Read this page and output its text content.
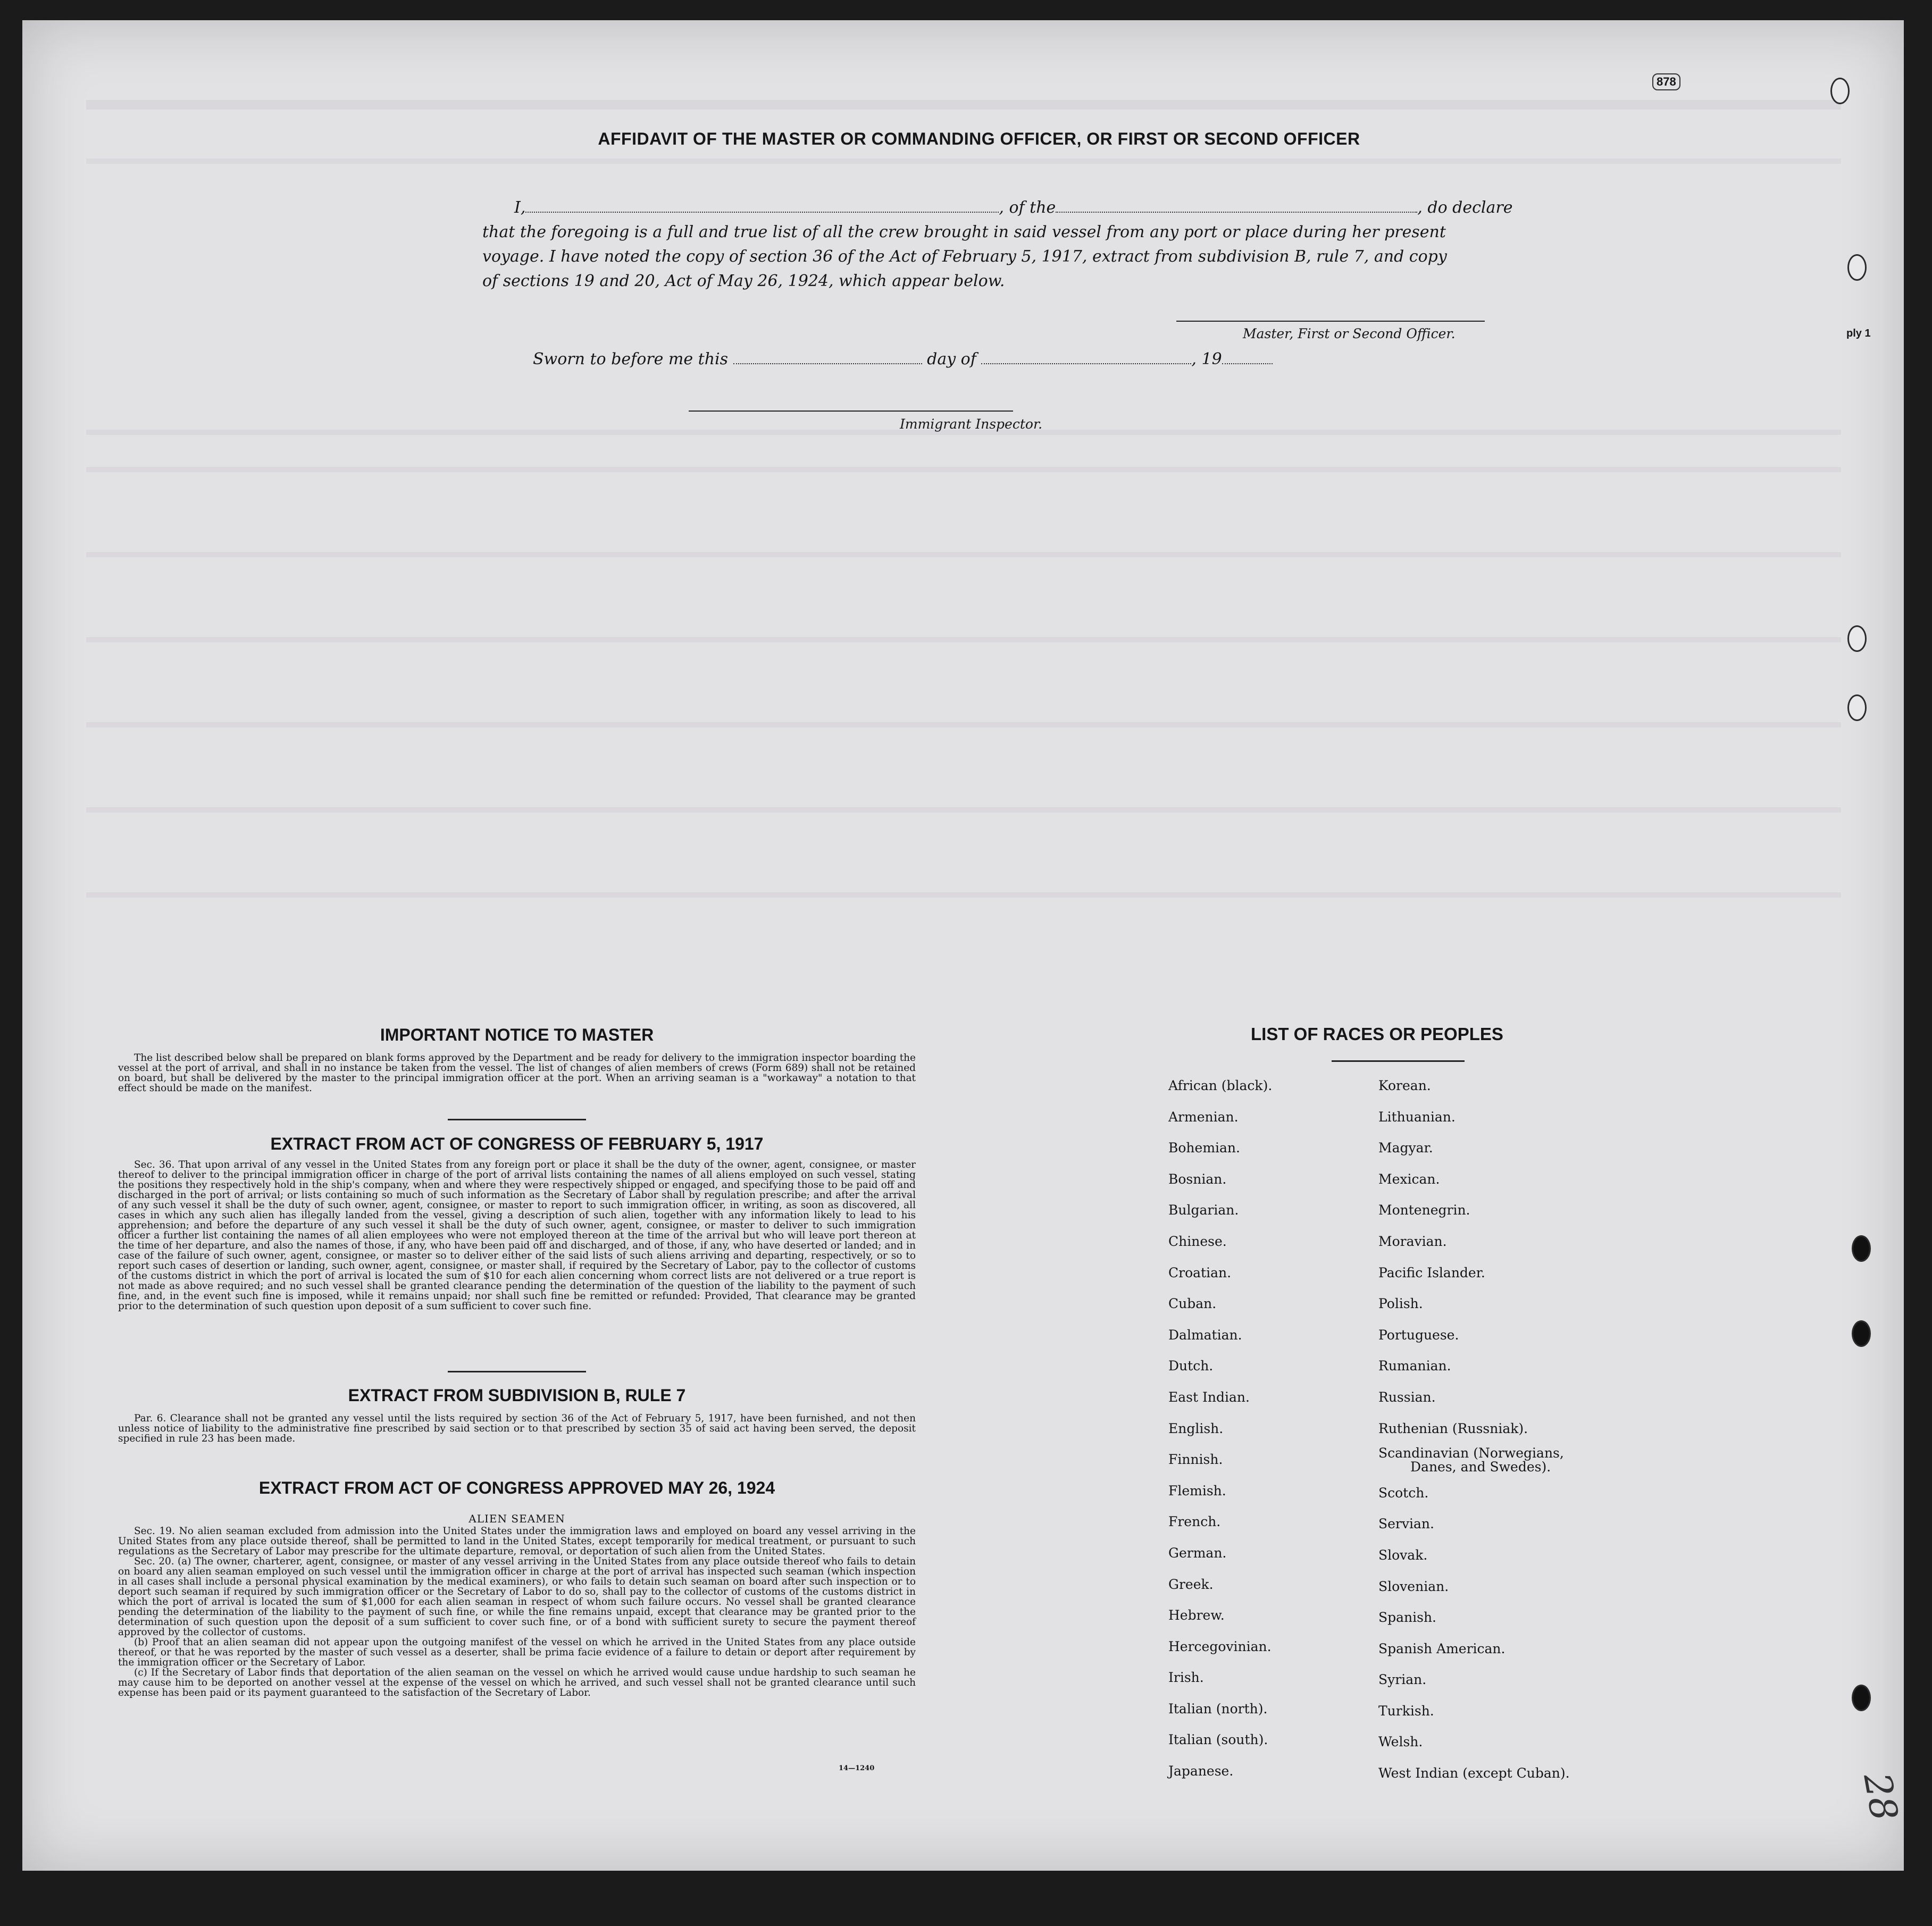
878
ply 1
28
AFFIDAVIT OF THE MASTER OR COMMANDING OFFICER, OR FIRST OR SECOND OFFICER
I,	, of the	, do declare
that the foregoing is a full and true list of all the crew brought in said vessel from any port or place during her present
voyage. I have noted the copy of section 36 of the Act of February 5, 1917, extract from subdivision B, rule 7, and copy
of sections 19 and 20, Act of May 26, 1924, which appear below.
Master, First or Second Officer.
Sworn to before me this	day of	, 19
Immigrant Inspector.
IMPORTANT NOTICE TO MASTER

The list described below shall be prepared on blank forms approved by the Department and be ready for delivery to the immigration inspector boarding the vessel at the port of arrival, and shall in no instance be taken from the vessel. The list of changes of alien members of crews (Form 689) shall not be retained on board, but shall be delivered by the master to the principal immigration officer at the port. When an arriving seaman is a "workaway" a notation to that effect should be made on the manifest.

EXTRACT FROM ACT OF CONGRESS OF FEBRUARY 5, 1917

Sec. 36. That upon arrival of any vessel in the United States from any foreign port or place it shall be the duty of the owner, agent, consignee, or master thereof to deliver to the principal immigration officer in charge of the port of arrival lists containing the names of all aliens employed on such vessel, stating the positions they respectively hold in the ship's company, when and where they were respectively shipped or engaged, and specifying those to be paid off and discharged in the port of arrival; or lists containing so much of such information as the Secretary of Labor shall by regulation prescribe; and after the arrival of any such vessel it shall be the duty of such owner, agent, consignee, or master to report to such immigration officer, in writing, as soon as discovered, all cases in which any such alien has illegally landed from the vessel, giving a description of such alien, together with any information likely to lead to his apprehension; and before the departure of any such vessel it shall be the duty of such owner, agent, consignee, or master to deliver to such immigration officer a further list containing the names of all alien employees who were not employed thereon at the time of the arrival but who will leave port thereon at the time of her departure, and also the names of those, if any, who have been paid off and discharged, and of those, if any, who have deserted or landed; and in case of the failure of such owner, agent, consignee, or master so to deliver either of the said lists of such aliens arriving and departing, respectively, or so to report such cases of desertion or landing, such owner, agent, consignee, or master shall, if required by the Secretary of Labor, pay to the collector of customs of the customs district in which the port of arrival is located the sum of $10 for each alien concerning whom correct lists are not delivered or a true report is not made as above required; and no such vessel shall be granted clearance pending the determination of the question of the liability to the payment of such fine, and, in the event such fine is imposed, while it remains unpaid; nor shall such fine be remitted or refunded: Provided, That clearance may be granted prior to the determination of such question upon deposit of a sum sufficient to cover such fine.

EXTRACT FROM SUBDIVISION B, RULE 7

Par. 6. Clearance shall not be granted any vessel until the lists required by section 36 of the Act of February 5, 1917, have been furnished, and not then unless notice of liability to the administrative fine prescribed by said section or to that prescribed by section 35 of said act having been served, the deposit specified in rule 23 has been made.

EXTRACT FROM ACT OF CONGRESS APPROVED MAY 26, 1924
ALIEN SEAMEN

Sec. 19. No alien seaman excluded from admission into the United States under the immigration laws and employed on board any vessel arriving in the United States from any place outside thereof, shall be permitted to land in the United States, except temporarily for medical treatment, or pursuant to such regulations as the Secretary of Labor may prescribe for the ultimate departure, removal, or deportation of such alien from the United States.

Sec. 20. (a) The owner, charterer, agent, consignee, or master of any vessel arriving in the United States from any place outside thereof who fails to detain on board any alien seaman employed on such vessel until the immigration officer in charge at the port of arrival has inspected such seaman (which inspection in all cases shall include a personal physical examination by the medical examiners), or who fails to detain such seaman on board after such inspection or to deport such seaman if required by such immigration officer or the Secretary of Labor to do so, shall pay to the collector of customs of the customs district in which the port of arrival is located the sum of $1,000 for each alien seaman in respect of whom such failure occurs. No vessel shall be granted clearance pending the determination of the liability to the payment of such fine, or while the fine remains unpaid, except that clearance may be granted prior to the determination of such question upon the deposit of a sum sufficient to cover such fine, or of a bond with sufficient surety to secure the payment thereof approved by the collector of customs.

(b) Proof that an alien seaman did not appear upon the outgoing manifest of the vessel on which he arrived in the United States from any place outside thereof, or that he was reported by the master of such vessel as a deserter, shall be prima facie evidence of a failure to detain or deport after requirement by the immigration officer or the Secretary of Labor.

(c) If the Secretary of Labor finds that deportation of the alien seaman on the vessel on which he arrived would cause undue hardship to such seaman he may cause him to be deported on another vessel at the expense of the vessel on which he arrived, and such vessel shall not be granted clearance until such expense has been paid or its payment guaranteed to the satisfaction of the Secretary of Labor.

14—1240
LIST OF RACES OR PEOPLES
African (black).
Armenian.
Bohemian.
Bosnian.
Bulgarian.
Chinese.
Croatian.
Cuban.
Dalmatian.
Dutch.
East Indian.
English.
Finnish.
Flemish.
French.
German.
Greek.
Hebrew.
Hercegovinian.
Irish.
Italian (north).
Italian (south).
Japanese.
Korean.
Lithuanian.
Magyar.
Mexican.
Montenegrin.
Moravian.
Pacific Islander.
Polish.
Portuguese.
Rumanian.
Russian.
Ruthenian (Russniak).
Scandinavian (Norwegians,
Danes, and Swedes).
Scotch.
Servian.
Slovak.
Slovenian.
Spanish.
Spanish American.
Syrian.
Turkish.
Welsh.
West Indian (except Cuban).
